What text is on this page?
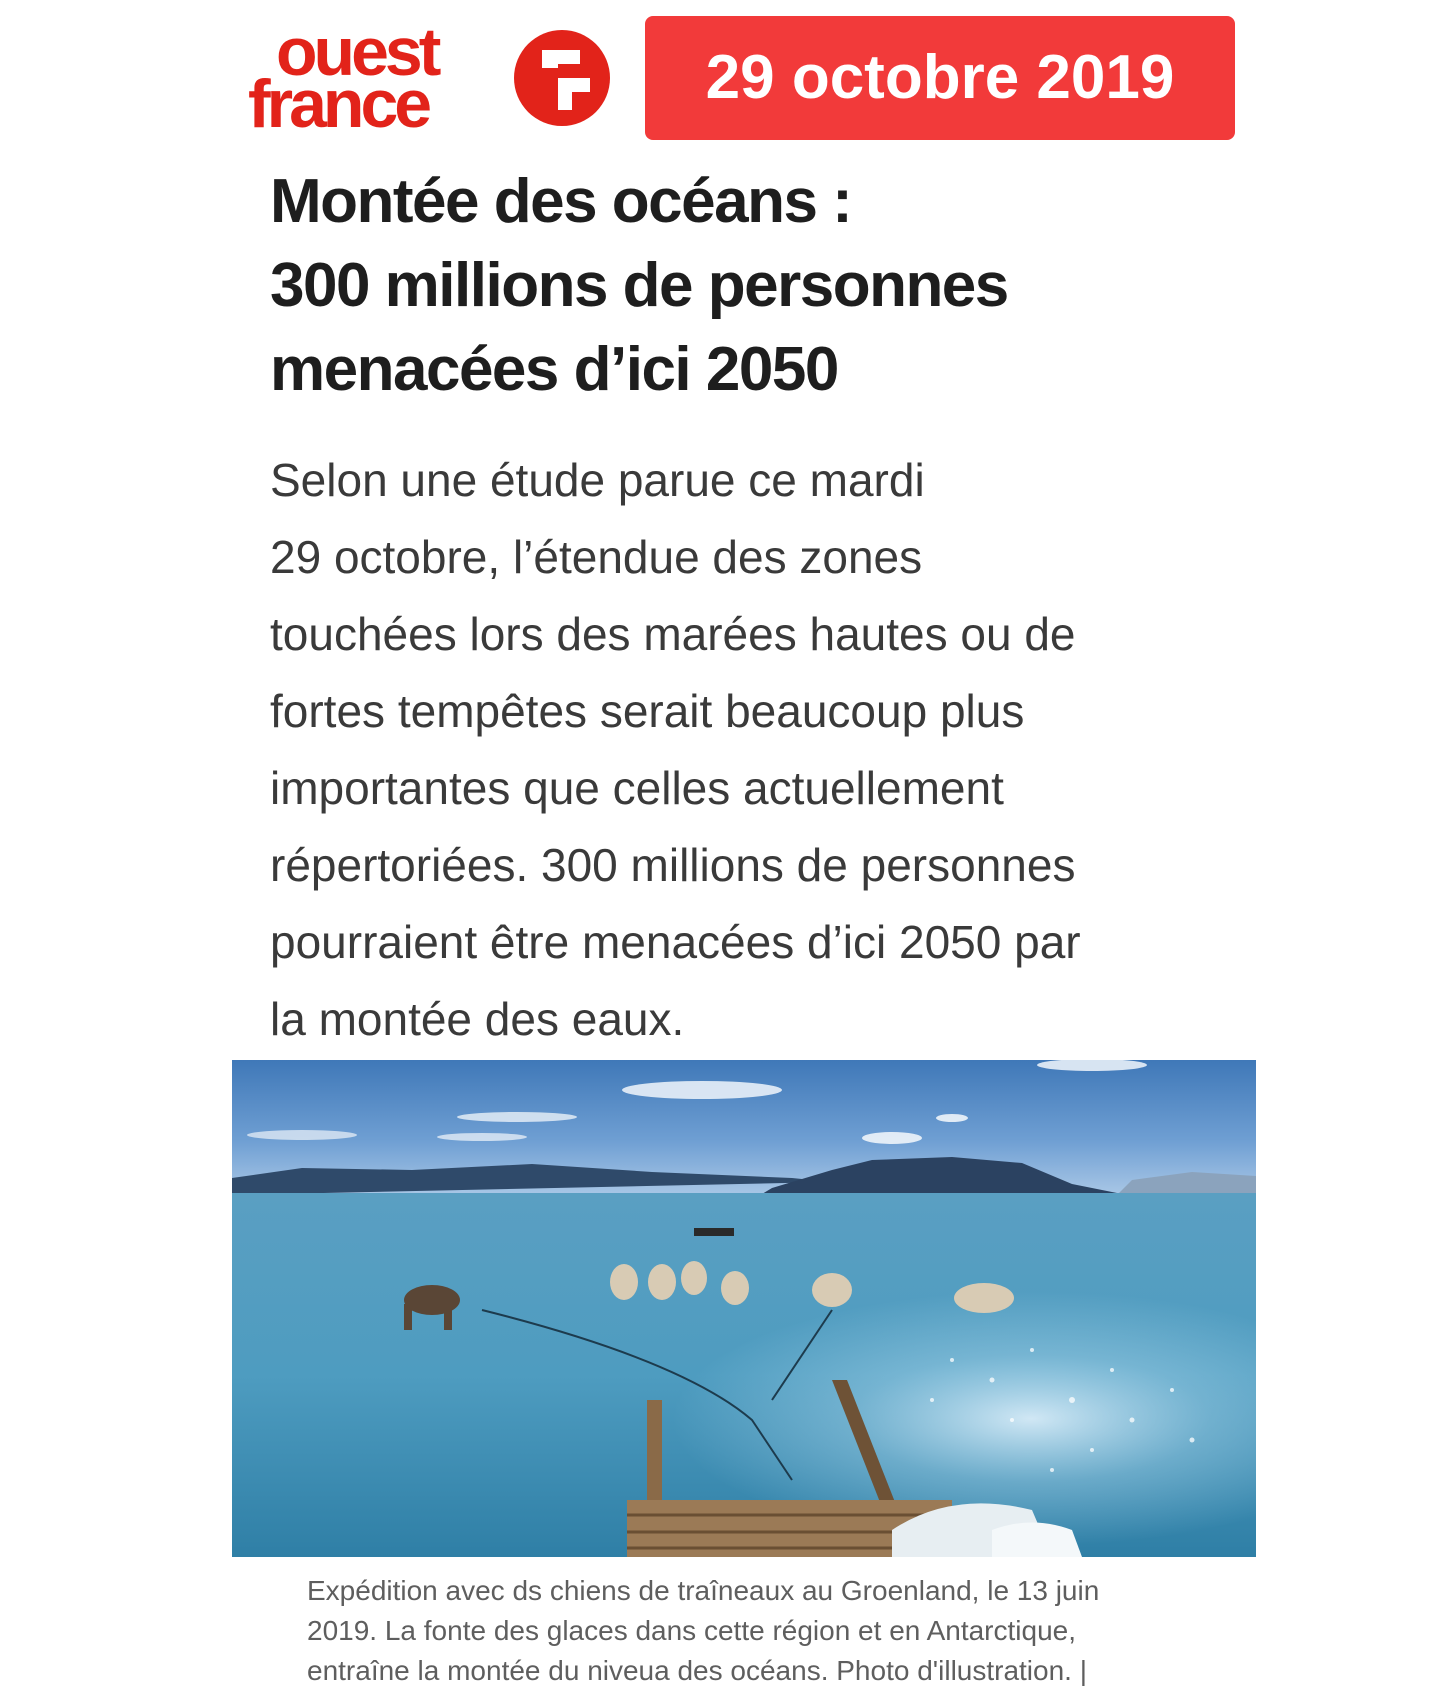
ouest
france	29 octobre 2019
Montée des océans :
300 millions de personnes
menacées d’ici 2050

Selon une étude parue ce mardi
29 octobre, l’étendue des zones
touchées lors des marées hautes ou de
fortes tempêtes serait beaucoup plus
importantes que celles actuellement
répertoriées. 300 millions de personnes
pourraient être menacées d’ici 2050 par
la montée des eaux.

Expédition avec ds chiens de traîneaux au Groenland, le 13 juin
2019. La fonte des glaces dans cette région et en Antarctique,
entraîne la montée du niveua des océans. Photo d'illustration. |
